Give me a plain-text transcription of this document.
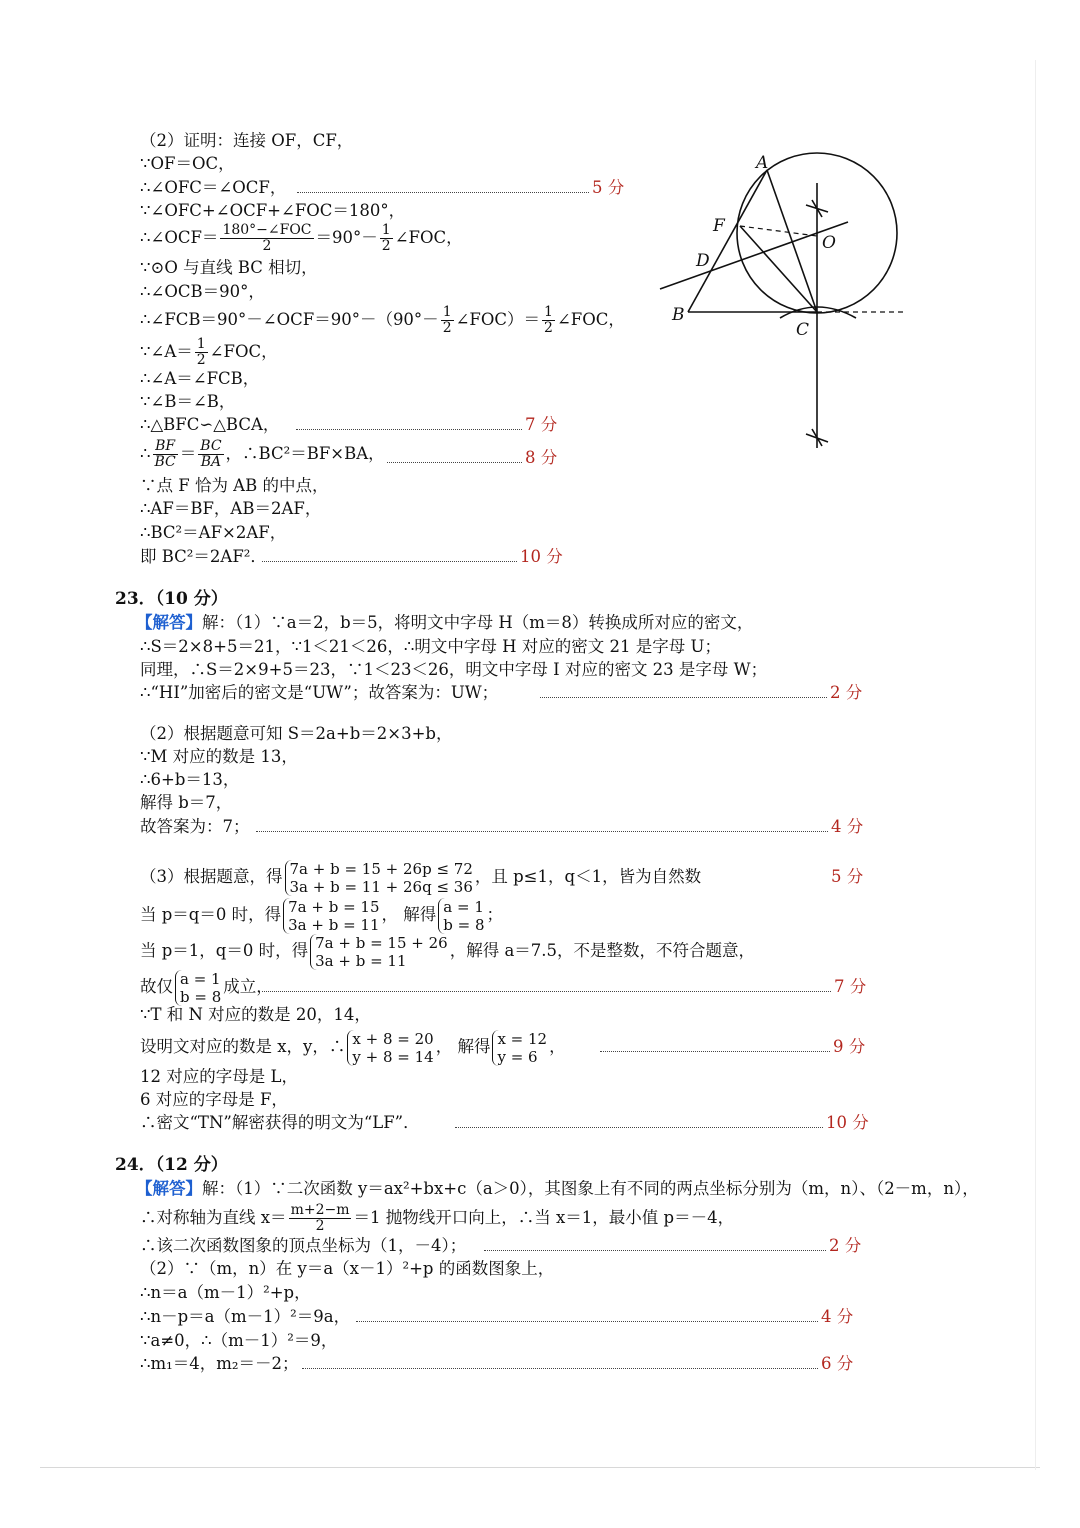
（2）证明：连接 OF，CF，
∵OF＝OC，
∴∠OFC＝∠OCF，	5 分
∵∠OFC+∠OCF+∠FOC＝180°，
∴∠OCF＝ $\frac{\text{180°−∠FOC}}{2} =90^\circ- \frac{1}{2}$ ∠FOC，
∵⊙O 与直线 BC 相切，
∴∠OCB＝90°，
∴∠FCB＝90°－∠OCF＝90°－（90°－ $\frac{1}{2}$ ∠FOC）＝ $\frac{1}{2}$ ∠FOC，
∵∠A＝ $\frac{1}{2}$ ∠FOC，
∴∠A＝∠FCB，
∵∠B＝∠B，
∴△BFC∽△BCA，	7 分
∴ $\frac{BF}{BC} = \frac{BC}{BA}$ ，∴BC²＝BF×BA，	8 分
∵点 F 恰为 AB 的中点，
∴AF＝BF，AB＝2AF，
∴BC²＝AF×2AF，
即 BC²＝2AF²．	10 分
A
F
D
B
C
O
23．（10 分）
【解答】解：（1）∵a＝2，b＝5，将明文中字母 H（m＝8）转换成所对应的密文，
∴S＝2×8+5＝21，∵1＜21＜26，∴明文中字母 H 对应的密文 21 是字母 U；
同理，∴S＝2×9+5＝23，∵1＜23＜26，明文中字母 I 对应的密文 23 是字母 W；
∴“HI”加密后的密文是“UW”；故答案为：UW；	2 分
（2）根据题意可知 S＝2a+b＝2×3+b，
∵M 对应的数是 13，
∴6+b＝13，
解得 b＝7，
故答案为：7；	4 分
（3）根据题意，得 7a + b = 15 + 26p ≤ 72
3a + b = 11 + 26q ≤ 36
，且 p≤1，q＜1，皆为自然数	5 分
当 p＝q＝0 时，得 7a + b = 15
3a + b = 11
， 解得 a = 1
b = 8
；
当 p＝1，q＝0 时，得 7a + b = 15 + 26
3a + b = 11
，解得 a＝7.5，不是整数，不符合题意，
故仅 a = 1
b = 8
成立，	7 分
∵T 和 N 对应的数是 20，14，
设明文对应的数是 x，y，∴ x + 8 = 20
y + 8 = 14
， 解得 x = 12
y = 6
，	9 分
12 对应的字母是 L，
6 对应的字母是 F，
∴密文“TN”解密获得的明文为“LF”．	10 分
24．（12 分）
【解答】解：（1）∵二次函数 y＝ax²+bx+c（a＞0），其图象上有不同的两点坐标分别为（m，n）、（2－m，n），
∴对称轴为直线 $x= \frac{m+2-m}{2} =1$ 抛物线开口向上，∴当 x＝1，最小值 p＝－4，
∴该二次函数图象的顶点坐标为（1，－4）；	2 分
（2）∵（m，n）在 y＝a（x－1）²+p 的函数图象上，
∴n＝a（m－1）²+p，
∴n－p＝a（m－1）²＝9a，	4 分
∵a≠0，∴（m－1）²＝9，
∴m₁＝4，m₂＝－2；	6 分
